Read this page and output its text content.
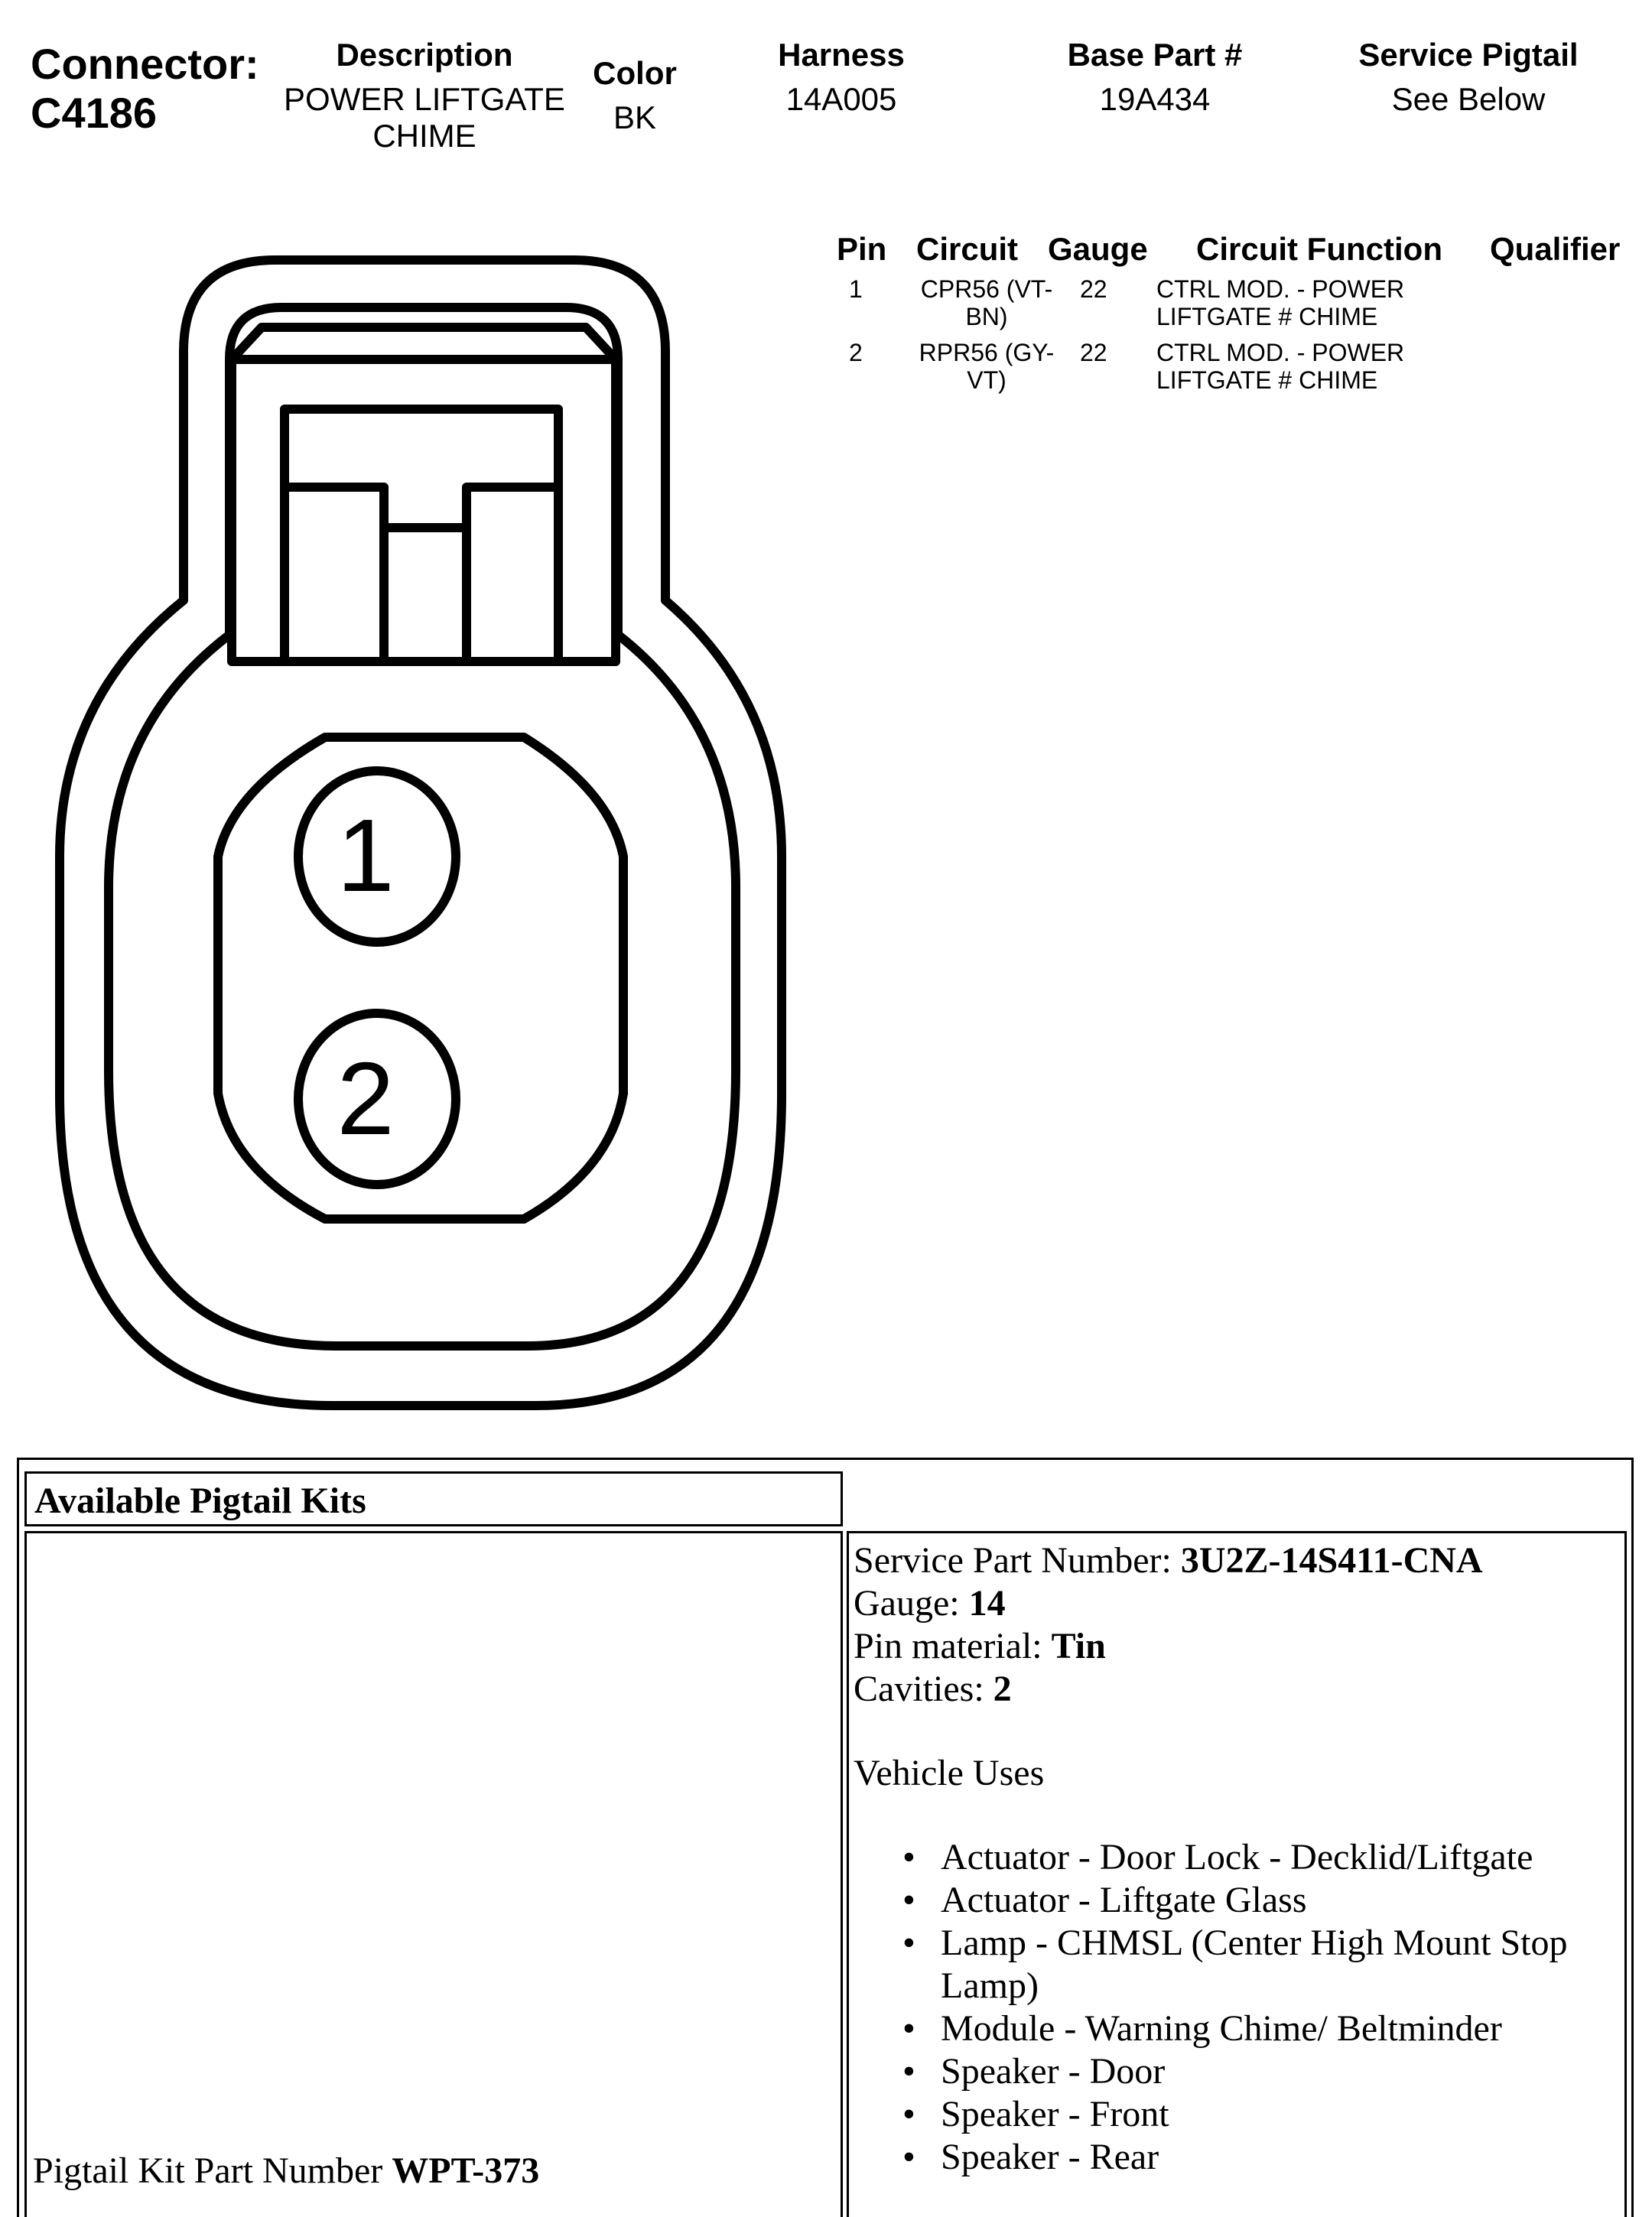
Connector:
C4186
Description
POWER LIFTGATE
CHIME
Color
BK
Harness
14A005
Base Part #
19A434
Service Pigtail
See Below
Pin Circuit Gauge Circuit Function Qualifier
1	CPR56 (VT-
BN)
22 CTRL MOD. - POWER
LIFTGATE # CHIME
2	RPR56 (GY-
VT)
22 CTRL MOD. - POWER
LIFTGATE # CHIME
1
2
Available Pigtail Kits
Pigtail Kit Part Number WPT-373
Service Part Number: 3U2Z-14S411-CNA
Gauge: 14
Pin material: Tin
Cavities: 2
Vehicle Uses
• Actuator - Door Lock - Decklid/Liftgate
• Actuator - Liftgate Glass
• Lamp - CHMSL (Center High Mount Stop Lamp)
• Module - Warning Chime/ Beltminder
• Speaker - Door
• Speaker - Front
• Speaker - Rear
